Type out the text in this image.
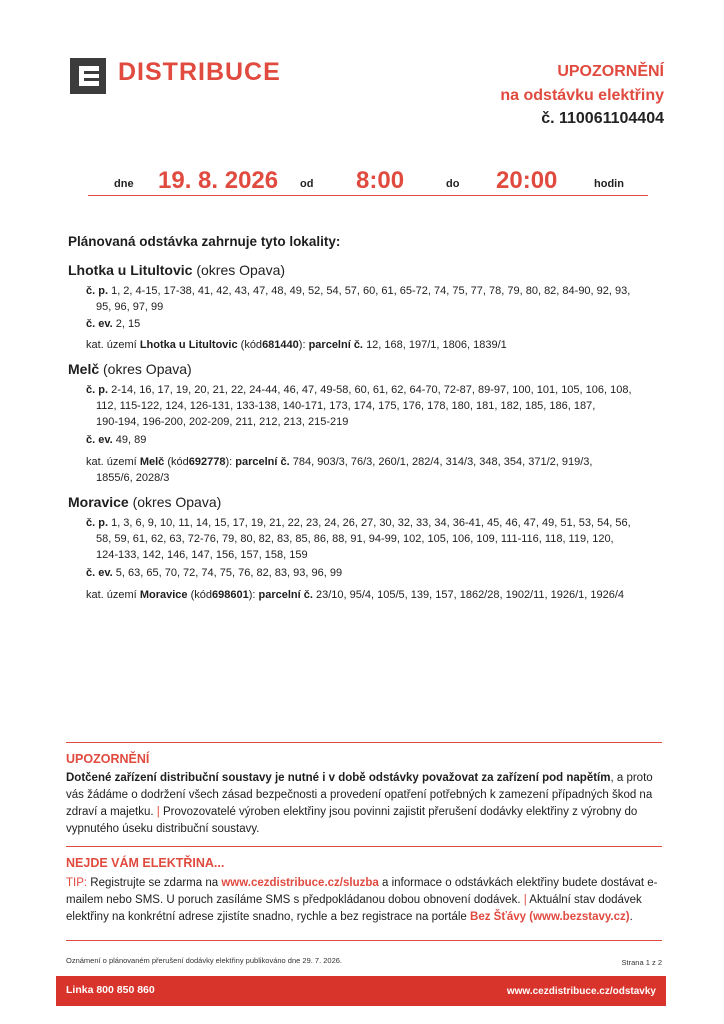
DISTRIBUCE	UPOZORNĚNÍ
na odstávku elektřiny
č. 110061104404
dne 19. 8. 2026 od 8:00	do 20:00	hodin
Plánovaná odstávka zahrnuje tyto lokality:
Lhotka u Litultovic (okres Opava)
č. p. 1, 2, 4-15, 17-38, 41, 42, 43, 47, 48, 49, 52, 54, 57, 60, 61, 65-72, 74, 75, 77, 78, 79, 80, 82, 84-90, 92, 93,
95, 96, 97, 99
č. ev. 2, 15
kat. území Lhotka u Litultovic (kód681440): parcelní č. 12, 168, 197/1, 1806, 1839/1
Melč (okres Opava)
č. p. 2-14, 16, 17, 19, 20, 21, 22, 24-44, 46, 47, 49-58, 60, 61, 62, 64-70, 72-87, 89-97, 100, 101, 105, 106, 108,
112, 115-122, 124, 126-131, 133-138, 140-171, 173, 174, 175, 176, 178, 180, 181, 182, 185, 186, 187,
190-194, 196-200, 202-209, 211, 212, 213, 215-219
č. ev. 49, 89
kat. území Melč (kód692778): parcelní č. 784, 903/3, 76/3, 260/1, 282/4, 314/3, 348, 354, 371/2, 919/3,
1855/6, 2028/3
Moravice (okres Opava)
č. p. 1, 3, 6, 9, 10, 11, 14, 15, 17, 19, 21, 22, 23, 24, 26, 27, 30, 32, 33, 34, 36-41, 45, 46, 47, 49, 51, 53, 54, 56,
58, 59, 61, 62, 63, 72-76, 79, 80, 82, 83, 85, 86, 88, 91, 94-99, 102, 105, 106, 109, 111-116, 118, 119, 120,
124-133, 142, 146, 147, 156, 157, 158, 159
č. ev. 5, 63, 65, 70, 72, 74, 75, 76, 82, 83, 93, 96, 99
kat. území Moravice (kód698601): parcelní č. 23/10, 95/4, 105/5, 139, 157, 1862/28, 1902/11, 1926/1, 1926/4
UPOZORNĚNÍ
Dotčené zařízení distribuční soustavy je nutné i v době odstávky považovat za zařízení pod napětím, a proto vás žádáme o dodržení všech zásad bezpečnosti a provedení opatření potřebných k zamezení případných škod na zdraví a majetku. | Provozovatelé výroben elektřiny jsou povinni zajistit přerušení dodávky elektřiny z výrobny do vypnutého úseku distribuční soustavy.
NEJDE VÁM ELEKTŘINA...
TIP: Registrujte se zdarma na www.cezdistribuce.cz/sluzba a informace o odstávkách elektřiny budete dostávat e-mailem nebo SMS. U poruch zasíláme SMS s předpokládanou dobou obnovení dodávek. | Aktuální stav dodávek elektřiny na konkrétní adrese zjistíte snadno, rychle a bez registrace na portále Bez Šťávy (www.bezstavy.cz).
Oznámení o plánovaném přerušení dodávky elektřiny publikováno dne 29. 7. 2026.	Strana 1 z 2
Linka 800 850 860	www.cezdistribuce.cz/odstavky
